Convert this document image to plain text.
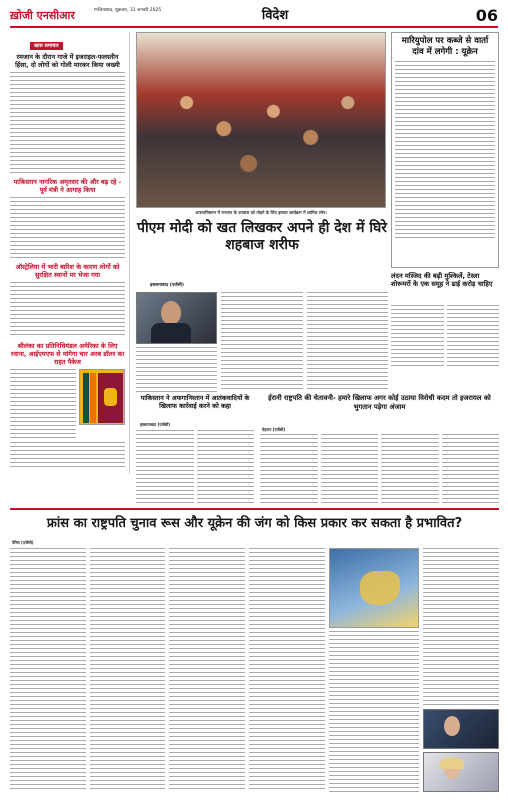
ख़ोजी एनसीआर	गाजियाबाद, शुक्रवार, 31 जनवरी 2025	विदेश	06
खास समाचार
रमजान के दौरान गाजे में इजराइल-फलस्तीन हिंसा, दो लोगों को गोली मारकर किया जख्मी
पाकिस्तान नागरिक अमृतसर की और बढ़ रहे - पूर्व मंत्री ने आगाह किया
ऑस्ट्रेलिया में भारी बारिश के कारण लोगों को सुरक्षित स्थानों पर भेजा गया
श्रीलंका का प्रतिनिधिमंडल अमेरिका के लिए रवाना, आईएमएफ से मांगेगा चार अरब डॉलर का राहत पैकेज
अफगानिस्तान में रमजान के उपवास को तोड़ने के लिए इफ्तार कार्यक्रम में शामिल लोग।
मारियुपोल पर कब्जे से वार्ता दांव में लगेगी : यूक्रेन
लंदन मस्जिद की बढ़ी मुश्किलें, टेस्ला शोरूमरों के एक समूह ने ढाई करोड़ चाहिए
पीएम मोदी को खत लिखकर अपने ही देश में घिरे शहबाज शरीफ
इस्लामाबाद (एजेंसी)
पाकिस्तान ने अफगानिस्तान में आतंकवादियों के खिलाफ कार्रवाई करने को कहा
इस्लामाबाद (एजेंसी)
ईरानी राष्ट्रपति की चेतावनी- हमारे खिलाफ अगर कोई उठाया विरोधी कदम तो इजरायल को भुगतान पड़ेगा अंजाम
तेहरान (एजेंसी)
फ्रांस का राष्ट्रपति चुनाव रूस और यूक्रेन की जंग को किस प्रकार कर सकता है प्रभावित?
पेरिस (एजेंसी)
